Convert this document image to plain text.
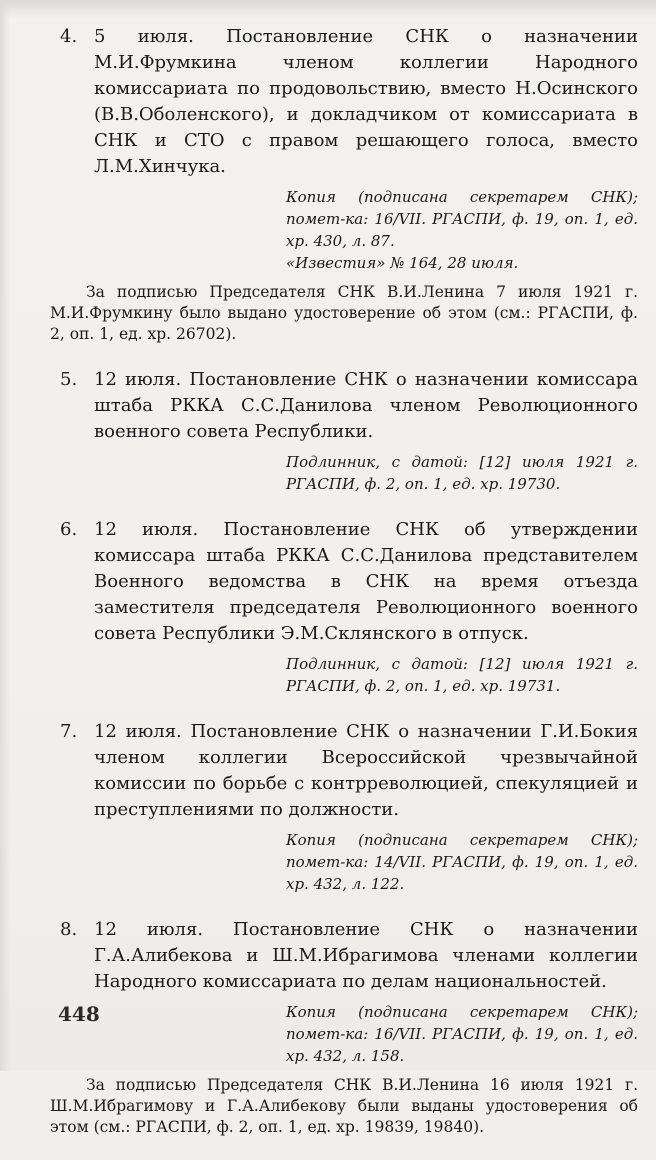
4. 5 июля. Постановление СНК о назначении М.И.Фрумкина членом коллегии Народного комиссариата по продовольствию, вместо Н.Осинского (В.В.Оболенского), и докладчиком от комиссариата в СНК и СТО с правом решающего голоса, вместо Л.М.Хинчука.
Копия (подписана секретарем СНК); помет-ка: 16/VII. РГАСПИ, ф. 19, оп. 1, ед. хр. 430, л. 87.
«Известия» № 164, 28 июля.
За подписью Председателя СНК В.И.Ленина 7 июля 1921 г. М.И.Фрумкину было выдано удостоверение об этом (см.: РГАСПИ, ф. 2, оп. 1, ед. хр. 26702).
5. 12 июля. Постановление СНК о назначении комиссара штаба РККА С.С.Данилова членом Революционного военного совета Республики.
Подлинник, с датой: [12] июля 1921 г. РГАСПИ, ф. 2, оп. 1, ед. хр. 19730.
6. 12 июля. Постановление СНК об утверждении комиссара штаба РККА С.С.Данилова представителем Военного ведомства в СНК на время отъезда заместителя председателя Революционного военного совета Республики Э.М.Склянского в отпуск.
Подлинник, с датой: [12] июля 1921 г. РГАСПИ, ф. 2, оп. 1, ед. хр. 19731.
7. 12 июля. Постановление СНК о назначении Г.И.Бокия членом коллегии Всероссийской чрезвычайной комиссии по борьбе с контрреволюцией, спекуляцией и преступлениями по должности.
Копия (подписана секретарем СНК); помет-ка: 14/VII. РГАСПИ, ф. 19, оп. 1, ед. хр. 432, л. 122.
8. 12 июля. Постановление СНК о назначении Г.А.Алибекова и Ш.М.Ибрагимова членами коллегии Народного комиссариата по делам национальностей.
Копия (подписана секретарем СНК); помет-ка: 16/VII. РГАСПИ, ф. 19, оп. 1, ед. хр. 432, л. 158.
За подписью Председателя СНК В.И.Ленина 16 июля 1921 г. Ш.М.Ибрагимову и Г.А.Алибекову были выданы удостоверения об этом (см.: РГАСПИ, ф. 2, оп. 1, ед. хр. 19839, 19840).
448
